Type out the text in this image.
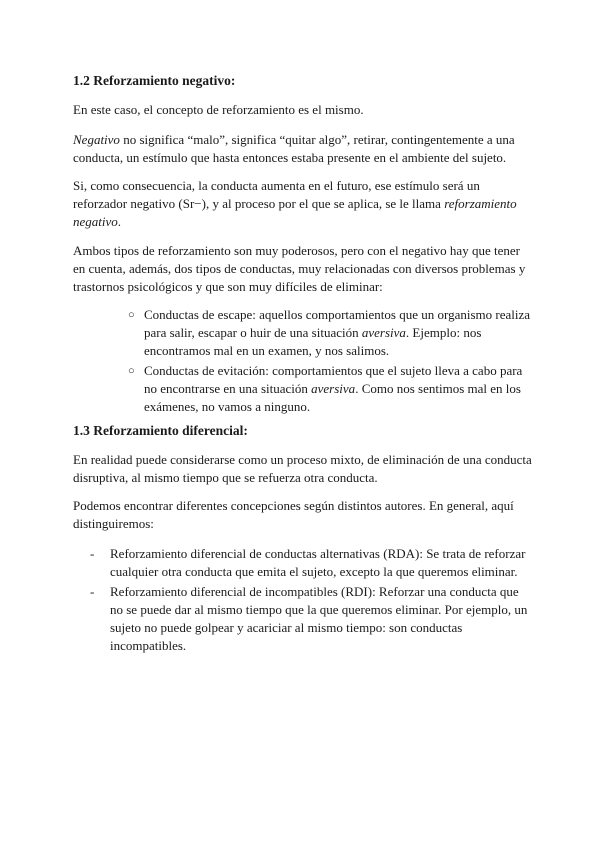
1.2 Reforzamiento negativo:

En este caso, el concepto de reforzamiento es el mismo.

Negativo no significa “malo”, significa “quitar algo”, retirar, contingentemente a una conducta, un estímulo que hasta entonces estaba presente en el ambiente del sujeto.

Si, como consecuencia, la conducta aumenta en el futuro, ese estímulo será un reforzador negativo (Sr−), y al proceso por el que se aplica, se le llama reforzamiento negativo.

Ambos tipos de reforzamiento son muy poderosos, pero con el negativo hay que tener en cuenta, además, dos tipos de conductas, muy relacionadas con diversos problemas y trastornos psicológicos y que son muy difíciles de eliminar:

○ Conductas de escape: aquellos comportamientos que un organismo realiza para salir, escapar o huir de una situación aversiva. Ejemplo: nos encontramos mal en un examen, y nos salimos.
○ Conductas de evitación: comportamientos que el sujeto lleva a cabo para no encontrarse en una situación aversiva. Como nos sentimos mal en los exámenes, no vamos a ninguno.
1.3 Reforzamiento diferencial:

En realidad puede considerarse como un proceso mixto, de eliminación de una conducta disruptiva, al mismo tiempo que se refuerza otra conducta.

Podemos encontrar diferentes concepciones según distintos autores. En general, aquí distinguiremos:

- Reforzamiento diferencial de conductas alternativas (RDA): Se trata de reforzar cualquier otra conducta que emita el sujeto, excepto la que queremos eliminar.
- Reforzamiento diferencial de incompatibles (RDI): Reforzar una conducta que no se puede dar al mismo tiempo que la que queremos eliminar. Por ejemplo, un sujeto no puede golpear y acariciar al mismo tiempo: son conductas incompatibles.
